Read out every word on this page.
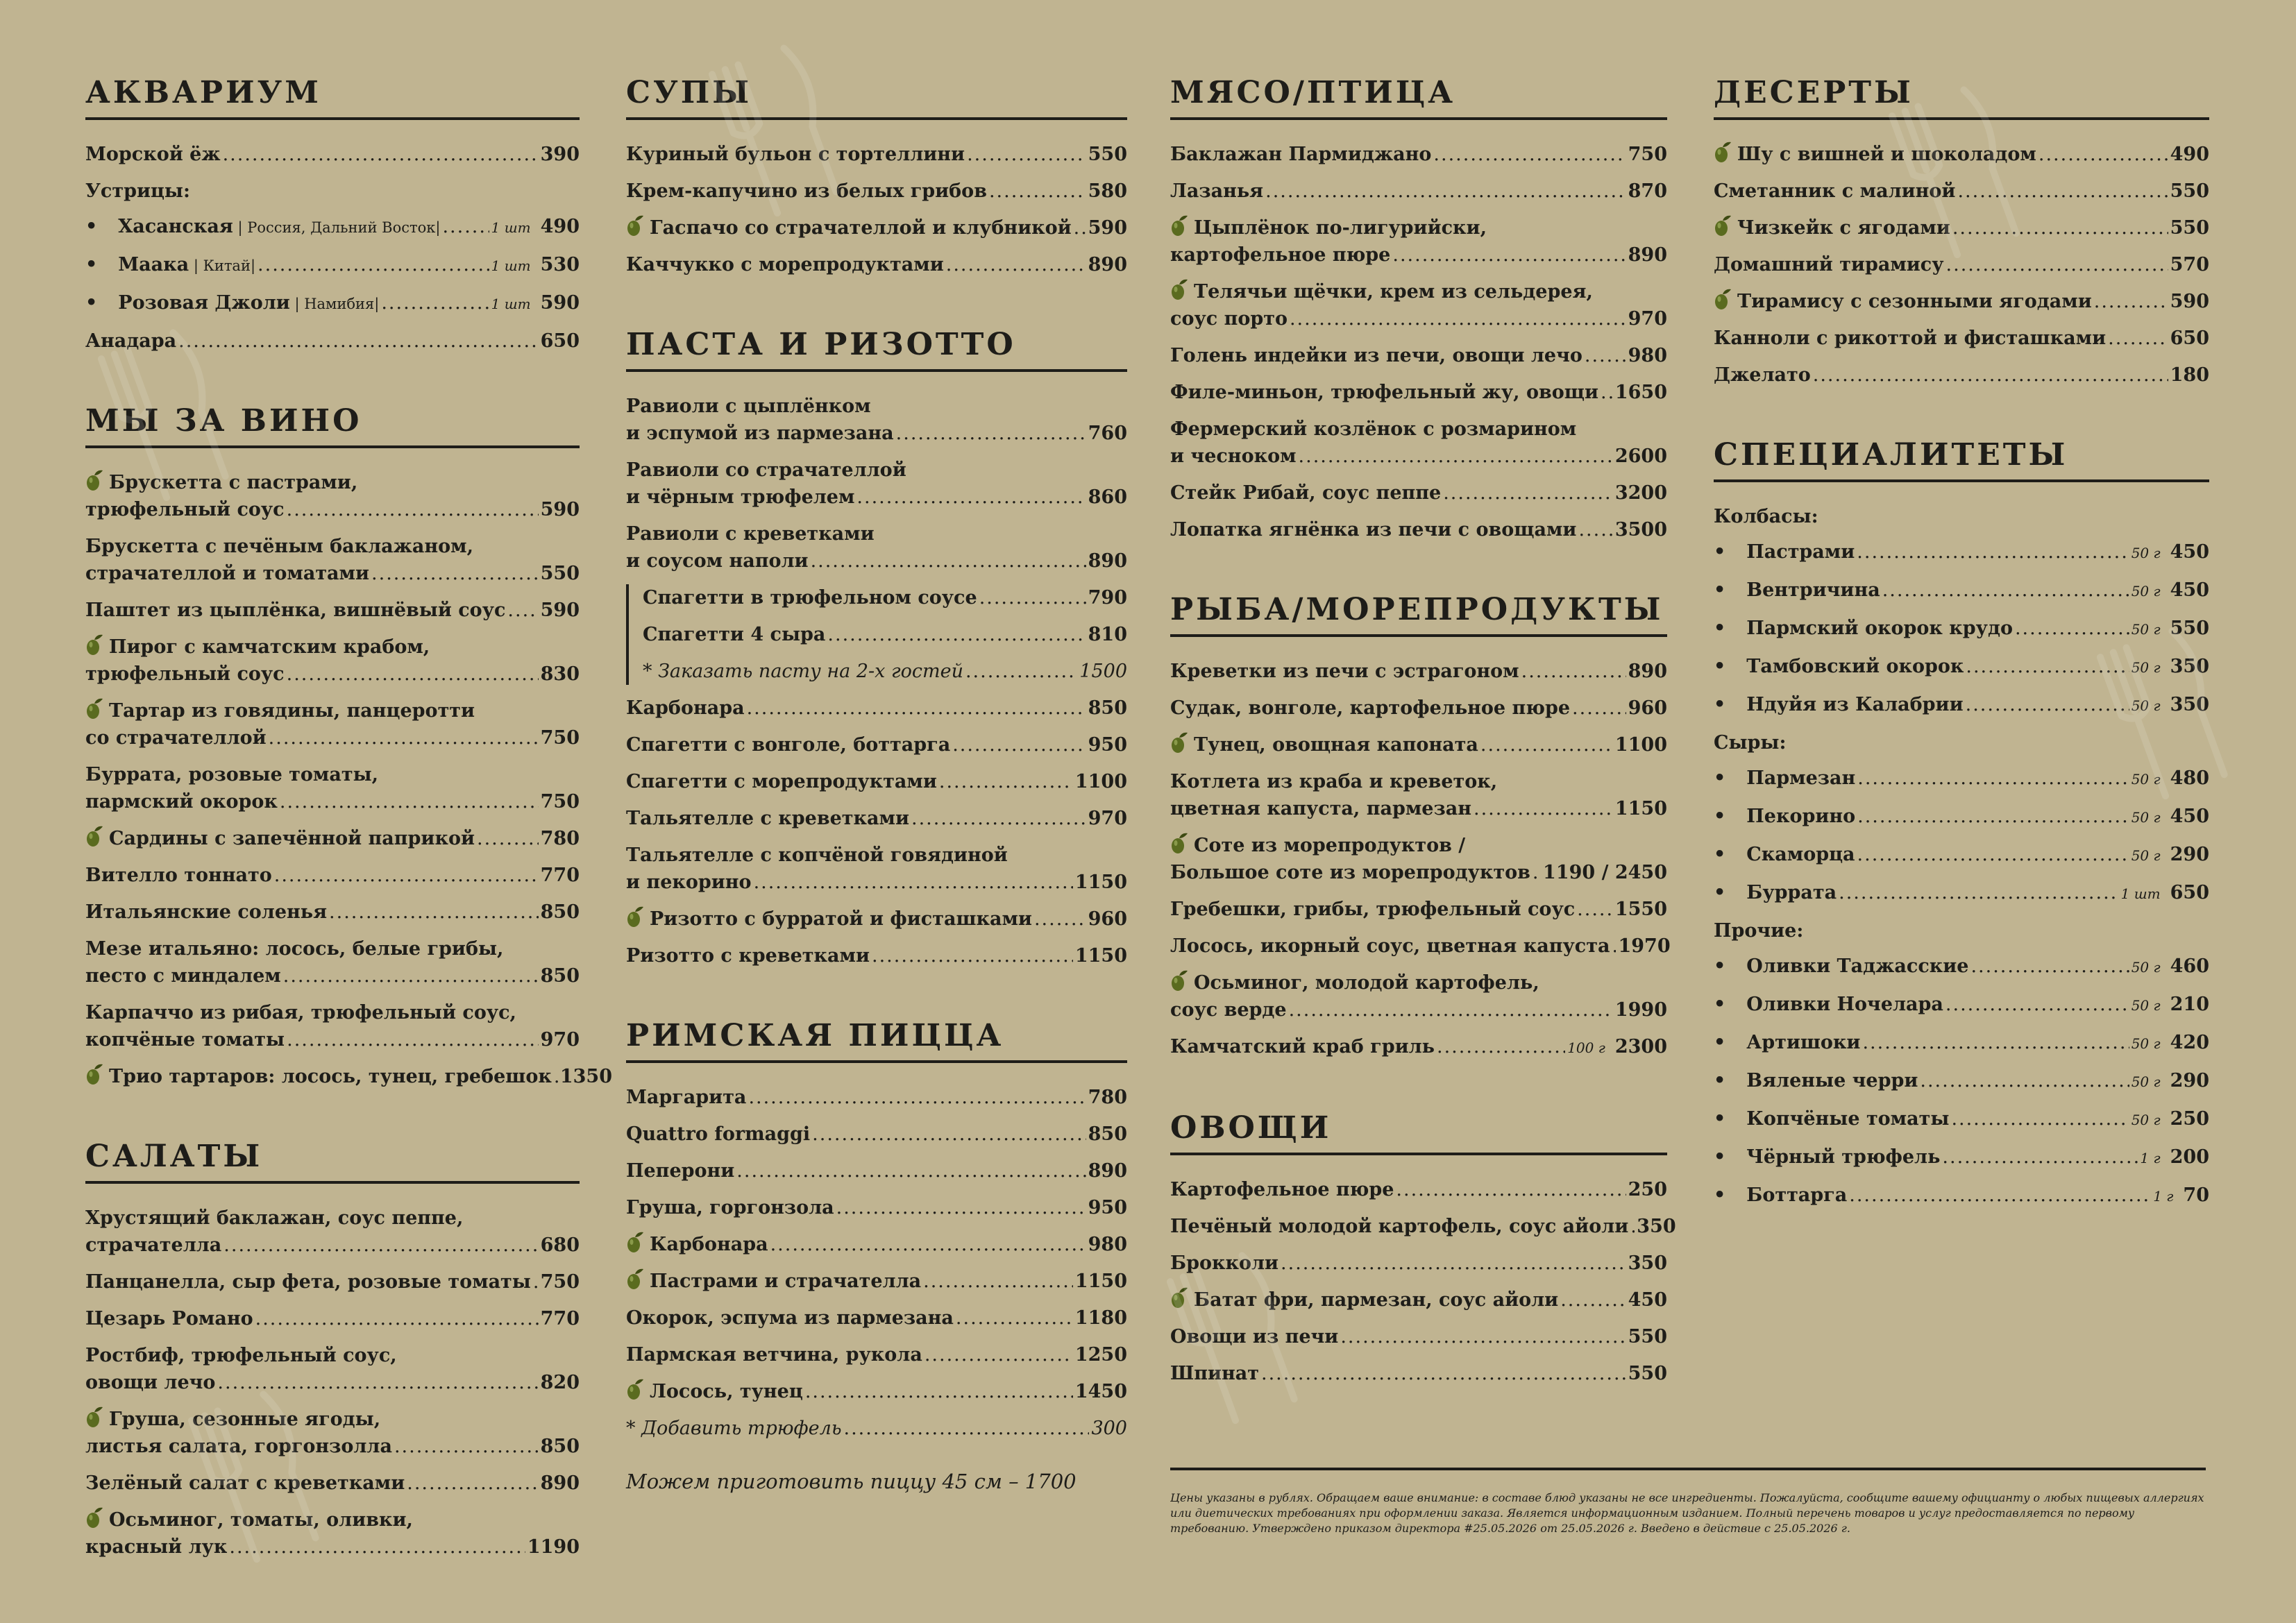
АКВАРИУМ
Морской ёж .....	390
Устрицы:
• Хасанская | Россия, Дальний Восток| .....	1 шт 490
• Маака | Китай| .....	1 шт 530
• Розовая Джоли | Намибия| .....	1 шт 590
Анадара .....	650
МЫ ЗА ВИНО
Брускетта с пастрами,
трюфельный соус .....	590
Брускетта с печёным баклажаном,
страчателлой и томатами .....	550
Паштет из цыплёнка, вишнёвый соус ..... 590
Пирог с камчатским крабом,
трюфельный соус .....	830
Тартар из говядины, панцеротти
со страчателлой .....	750
Буррата, розовые томаты,
пармский окорок .....	750
Сардины с запечённой паприкой .....	780
Вителло тоннато .....	770
Итальянские соленья .....	850
Мезе итальяно: лосось, белые грибы,
песто с миндалем .....	850
Карпаччо из рибая, трюфельный соус,
копчёные томаты .....	970
Трио тартаров: лосось, тунец, гребешок ..... 1350
САЛАТЫ
Хрустящий баклажан, соус пеппе,
страчателла .....	680
Панцанелла, сыр фета, розовые томаты ..... 750
Цезарь Романо .....	770
Ростбиф, трюфельный соус,
овощи лечо .....	820
Груша, сезонные ягоды,
листья салата, горгонзолла .....	850
Зелёный салат с креветками .....	890
Осьминог, томаты, оливки,
красный лук .....	1190
СУПЫ
Куриный бульон с тортеллини .....	550
Крем-капучино из белых грибов .....	580
Гаспачо со страчателлой и клубникой ..... 590
Каччукко с морепродуктами .....	890
ПАСТА И РИЗОТТО
Равиоли с цыплёнком
и эспумой из пармезана .....	760
Равиоли со страчателлой
и чёрным трюфелем .....	860
Равиоли с креветками
и соусом наполи .....	890
Спагетти в трюфельном соусе .....	790
Спагетти 4 сыра .....	810
* Заказать пасту на 2-х гостей .....	1500
Карбонара .....	850
Спагетти с вонголе, боттарга .....	950
Спагетти с морепродуктами .....	1100
Тальятелле с креветками .....	970
Тальятелле с копчёной говядиной
и пекорино .....	1150
Ризотто с бурратой и фисташками .....	960
Ризотто с креветками .....	1150
РИМСКАЯ ПИЦЦА
Маргарита .....	780
Quattro formaggi .....	850
Пеперони .....	890
Груша, горгонзола .....	950
Карбонара .....	980
Пастрами и страчателла .....	1150
Окорок, эспума из пармезана .....	1180
Пармская ветчина, рукола .....	1250
Лосось, тунец .....	1450
* Добавить трюфель .....	300
Можем приготовить пиццу 45 см – 1700
МЯСО/ПТИЦА
Баклажан Пармиджано .....	750
Лазанья .....	870
Цыплёнок по-лигурийски,
картофельное пюре .....	890
Телячьи щёчки, крем из сельдерея,
соус порто .....	970
Голень индейки из печи, овощи лечо ..... 980
Филе-миньон, трюфельный жу, овощи ..... 1650
Фермерский козлёнок с розмарином
и чесноком .....	2600
Стейк Рибай, соус пеппе .....	3200
Лопатка ягнёнка из печи с овощами ..... 3500
РЫБА/МОРЕПРОДУКТЫ
Креветки из печи с эстрагоном .....	890
Судак, вонголе, картофельное пюре .....	960
Тунец, овощная капоната .....	1100
Котлета из краба и креветок,
цветная капуста, пармезан .....	1150
Соте из морепродуктов /
Большое соте из морепродуктов ..... 1190 / 2450
Гребешки, грибы, трюфельный соус ..... 1550
Лосось, икорный соус, цветная капуста ..... 1970
Осьминог, молодой картофель,
соус верде .....	1990
Камчатский краб гриль .....	100 г 2300
ОВОЩИ
Картофельное пюре .....	250
Печёный молодой картофель, соус айоли ..... 350
Брокколи .....	350
Батат фри, пармезан, соус айоли .....	450
Овощи из печи .....	550
Шпинат .....	550
ДЕСЕРТЫ
Шу с вишней и шоколадом .....	490
Сметанник с малиной .....	550
Чизкейк с ягодами .....	550
Домашний тирамису .....	570
Тирамису с сезонными ягодами .....	590
Канноли с рикоттой и фисташками .....	650
Джелато .....	180
СПЕЦИАЛИТЕТЫ
Колбасы:
• Пастрами .....	50 г 450
• Вентричина .....	50 г 450
• Пармский окорок крудо .....	50 г 550
• Тамбовский окорок .....	50 г 350
• Ндуйя из Калабрии .....	50 г 350
Сыры:
• Пармезан .....	50 г 480
• Пекорино .....	50 г 450
• Скаморца .....	50 г 290
• Буррата .....	1 шт 650
Прочие:
• Оливки Таджасские .....	50 г 460
• Оливки Ночелара .....	50 г 210
• Артишоки .....	50 г 420
• Вяленые черри .....	50 г 290
• Копчёные томаты .....	50 г 250
• Чёрный трюфель .....	1 г 200
• Боттарга .....	1 г 70
Цены указаны в рублях. Обращаем ваше внимание: в составе блюд указаны не все ингредиенты. Пожалуйста, сообщите вашему официанту о любых пищевых аллергиях или диетических требованиях при оформлении заказа. Является информационным изданием. Полный перечень товаров и услуг предоставляется по первому требованию. Утверждено приказом директора #25.05.2026 от 25.05.2026 г. Введено в действие с 25.05.2026 г.
